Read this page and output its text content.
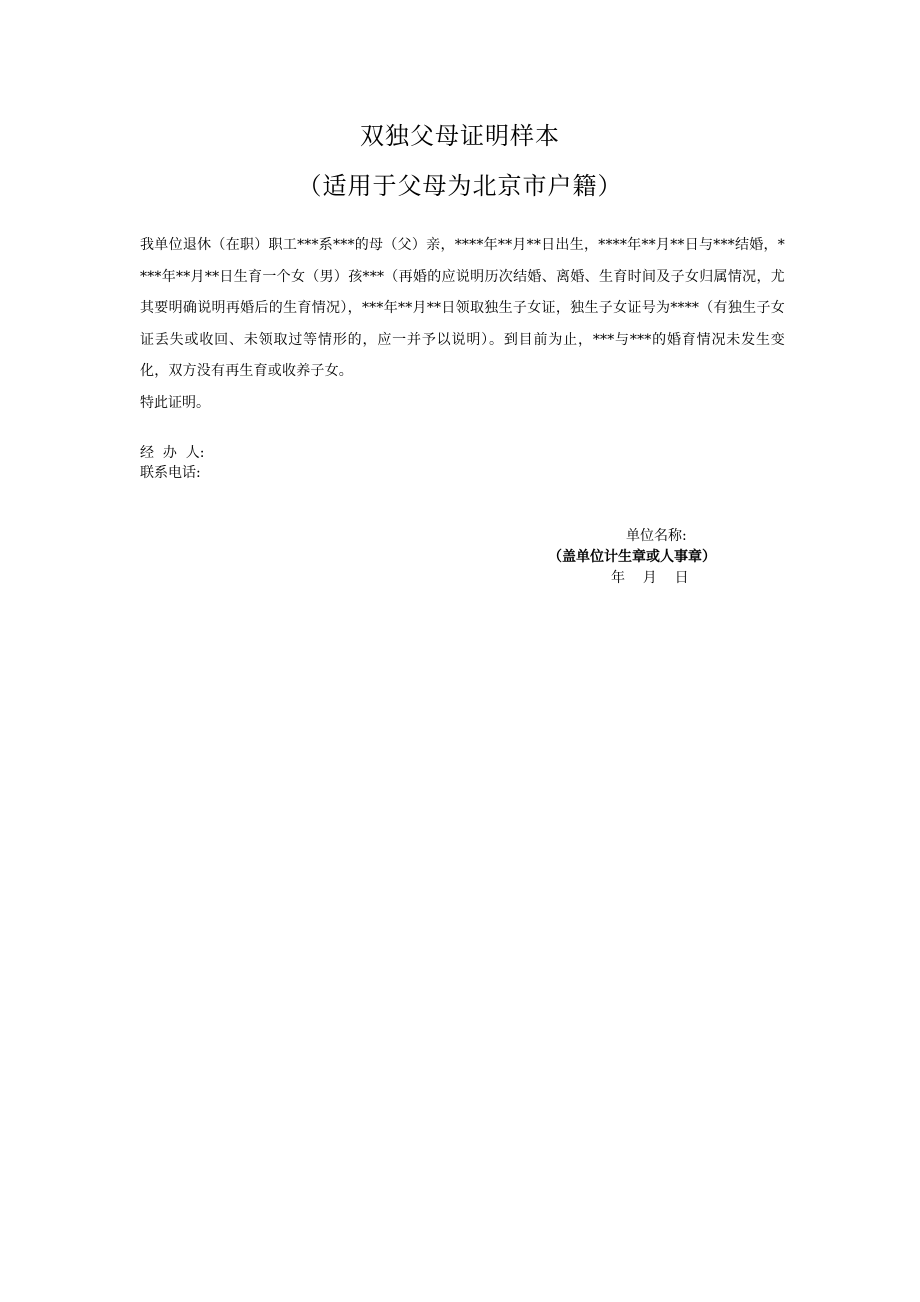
双独父母证明样本
（适用于父母为北京市户籍）

我单位退休（在职）职工***系***的母（父）亲，****年**月**日出生，****年**月**日与***结婚，****年**月**日生育一个女（男）孩***（再婚的应说明历次结婚、离婚、生育时间及子女归属情况，尤其要明确说明再婚后的生育情况），***年**月**日领取独生子女证，独生子女证号为****（有独生子女证丢失或收回、未领取过等情形的，应一并予以说明）。到目前为止，***与***的婚育情况未发生变化，双方没有再生育或收养子女。

特此证明。

经  办  人:
联系电话:
单位名称:
（盖单位计生章或人事章）
年    月    日
